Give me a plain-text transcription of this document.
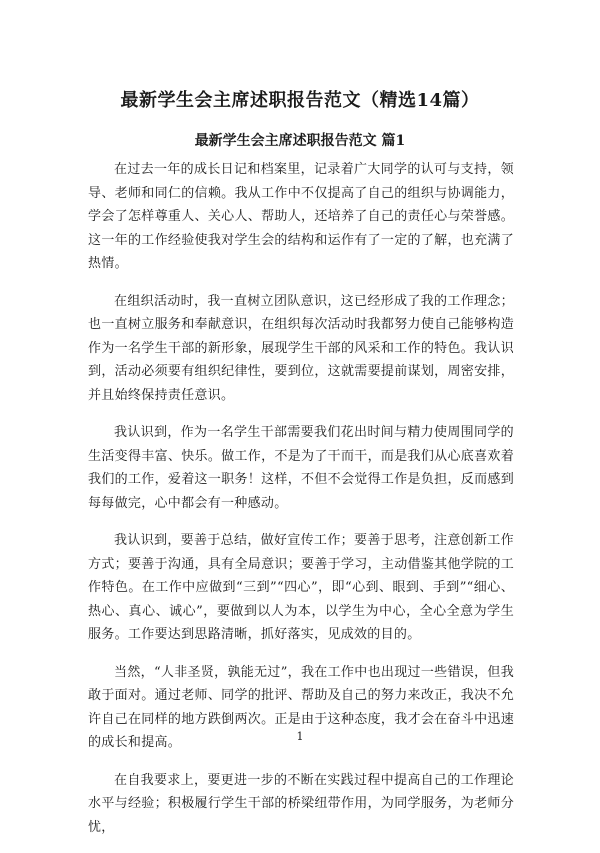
最新学生会主席述职报告范文（精选14篇）
最新学生会主席述职报告范文 篇1

在过去一年的成长日记和档案里，记录着广大同学的认可与支持，领导、老师和同仁的信赖。我从工作中不仅提高了自己的组织与协调能力，学会了怎样尊重人、关心人、帮助人，还培养了自己的责任心与荣誉感。这一年的工作经验使我对学生会的结构和运作有了一定的了解，也充满了热情。

在组织活动时，我一直树立团队意识，这已经形成了我的工作理念；也一直树立服务和奉献意识，在组织每次活动时我都努力使自己能够构造作为一名学生干部的新形象，展现学生干部的风采和工作的特色。我认识到，活动必须要有组织纪律性，要到位，这就需要提前谋划，周密安排，并且始终保持责任意识。

我认识到，作为一名学生干部需要我们花出时间与精力使周围同学的生活变得丰富、快乐。做工作，不是为了干而干，而是我们从心底喜欢着我们的工作，爱着这一职务！这样，不但不会觉得工作是负担，反而感到每每做完，心中都会有一种感动。

我认识到，要善于总结，做好宣传工作；要善于思考，注意创新工作方式；要善于沟通，具有全局意识；要善于学习，主动借鉴其他学院的工作特色。在工作中应做到“三到”“四心”，即“心到、眼到、手到”“细心、热心、真心、诚心”，要做到以人为本，以学生为中心，全心全意为学生服务。工作要达到思路清晰，抓好落实，见成效的目的。

当然，“人非圣贤，孰能无过”，我在工作中也出现过一些错误，但我敢于面对。通过老师、同学的批评、帮助及自己的努力来改正，我决不允许自己在同样的地方跌倒两次。正是由于这种态度，我才会在奋斗中迅速的成长和提高。

在自我要求上，要更进一步的不断在实践过程中提高自己的工作理论水平与经验；积极履行学生干部的桥梁纽带作用，为同学服务，为老师分忧，

1
